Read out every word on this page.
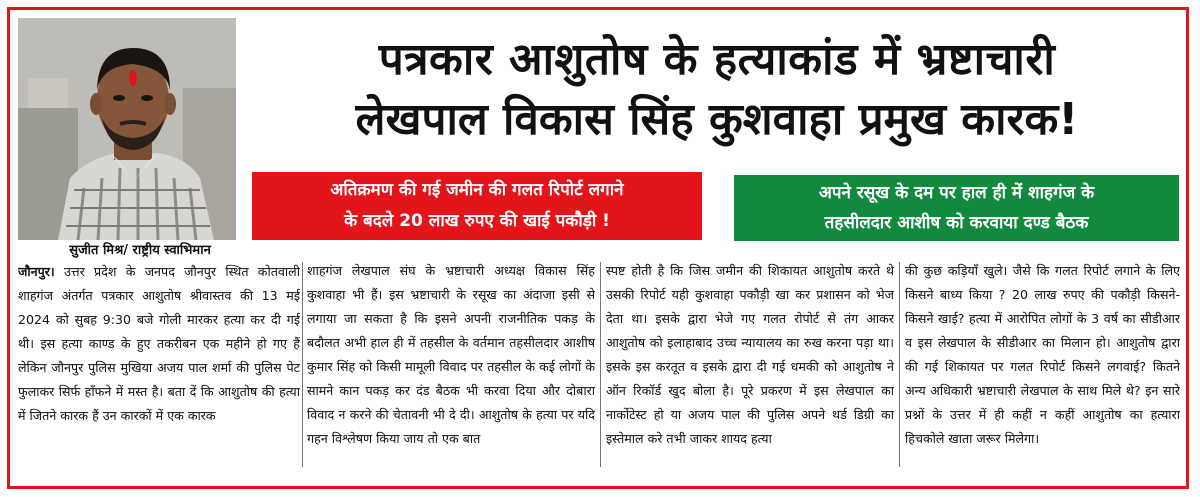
पत्रकार आशुतोष के हत्याकांड में भ्रष्टाचारी
लेखपाल विकास सिंह कुशवाहा प्रमुख कारक!
अतिक्रमण की गई जमीन की गलत रिपोर्ट लगाने
के बदले 20 लाख रुपए की खाई पकौड़ी !
अपने रसूख के दम पर हाल ही में शाहगंज के
तहसीलदार आशीष को करवाया दण्ड बैठक
सुजीत मिश्र/ राष्ट्रीय स्वाभिमान
जौनपुर। उत्तर प्रदेश के जनपद जौनपुर स्थित कोतवाली शाहगंज अंतर्गत पत्रकार आशुतोष श्रीवास्तव की 13 मई 2024 को सुबह 9:30 बजे गोली मारकर हत्या कर दी गई थी। इस हत्या काण्ड के हुए तकरीबन एक महीने हो गए हैं लेकिन जौनपुर पुलिस मुखिया अजय पाल शर्मा की पुलिस पेट फुलाकर सिर्फ हाँफने में मस्त है। बता दें कि आशुतोष की हत्या में जितने कारक हैं उन कारकों में एक कारक
शाहगंज लेखपाल संघ के भ्रष्टाचारी अध्यक्ष विकास सिंह कुशवाहा भी हैं। इस भ्रष्टाचारी के रसूख का अंदाजा इसी से लगाया जा सकता है कि इसने अपनी राजनीतिक पकड़ के बदौलत अभी हाल ही में तहसील के वर्तमान तहसीलदार आशीष कुमार सिंह को किसी मामूली विवाद पर तहसील के कई लोगों के सामने कान पकड़ कर दंड बैठक भी करवा दिया और दोबारा विवाद न करने की चेतावनी भी दे दी। आशुतोष के हत्या पर यदि गहन विश्लेषण किया जाय तो एक बात
स्पष्ट होती है कि जिस जमीन की शिकायत आशुतोष करते थे उसकी रिपोर्ट यही कुशवाहा पकौड़ी खा कर प्रशासन को भेज देता था। इसके द्वारा भेजे गए गलत रोपोर्ट से तंग आकर आशुतोष को इलाहाबाद उच्च न्यायालय का रुख करना पड़ा था। इसके इस करतूत व इसके द्वारा दी गई धमकी को आशुतोष ने ऑन रिकॉर्ड खुद बोला है। पूरे प्रकरण में इस लेखपाल का नार्कोटेस्ट हो या अजय पाल की पुलिस अपने थर्ड डिग्री का इस्तेमाल करे तभी जाकर शायद हत्या
की कुछ कड़ियाँ खुले। जैसे कि गलत रिपोर्ट लगाने के लिए किसने बाध्य किया ? 20 लाख रुपए की पकौड़ी किसने-किसने खाई? हत्या में आरोपित लोगों के 3 वर्ष का सीडीआर व इस लेखपाल के सीडीआर का मिलान हो। आशुतोष द्वारा की गई शिकायत पर गलत रिपोर्ट किसने लगवाई? कितने अन्य अधिकारी भ्रष्टाचारी लेखपाल के साथ मिले थे? इन सारे प्रश्नों के उत्तर में ही कहीं न कहीं आशुतोष का हत्यारा हिचकोले खाता जरूर मिलेगा।
